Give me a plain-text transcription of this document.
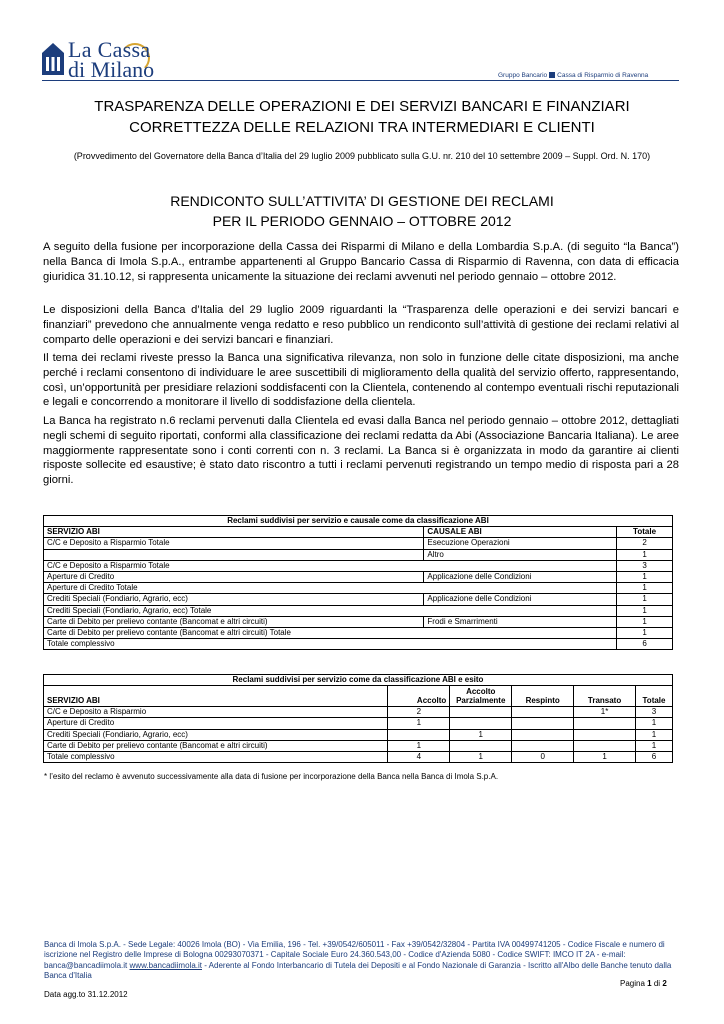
La Cassa
di Milano	Gruppo Bancario Cassa di Risparmio di Ravenna
TRASPARENZA DELLE OPERAZIONI E DEI SERVIZI BANCARI E FINANZIARI
CORRETTEZZA DELLE RELAZIONI TRA INTERMEDIARI E CLIENTI
(Provvedimento del Governatore della Banca d’Italia del 29 luglio 2009 pubblicato sulla G.U. nr. 210 del 10 settembre 2009 – Suppl. Ord. N. 170)
RENDICONTO SULL’ATTIVITA’ DI GESTIONE DEI RECLAMI
PER IL PERIODO GENNAIO – OTTOBRE 2012
A seguito della fusione per incorporazione della Cassa dei Risparmi di Milano e della Lombardia S.p.A. (di seguito “la Banca”) nella Banca di Imola S.p.A., entrambe appartenenti al Gruppo Bancario Cassa di Risparmio di Ravenna, con data di efficacia giuridica 31.10.12, si rappresenta unicamente la situazione dei reclami avvenuti nel periodo gennaio – ottobre 2012.
Le disposizioni della Banca d’Italia del 29 luglio 2009 riguardanti la “Trasparenza delle operazioni e dei servizi bancari e finanziari” prevedono che annualmente venga redatto e reso pubblico un rendiconto sull’attività di gestione dei reclami relativi al comparto delle operazioni e dei servizi bancari e finanziari.
Il tema dei reclami riveste presso la Banca una significativa rilevanza, non solo in funzione delle citate disposizioni, ma anche perché i reclami consentono di individuare le aree suscettibili di miglioramento della qualità del servizio offerto, rappresentando, così, un’opportunità per presidiare relazioni soddisfacenti con la Clientela, contenendo al contempo eventuali rischi reputazionali e legali e concorrendo a monitorare il livello di soddisfazione della clientela.
La Banca ha registrato n.6 reclami pervenuti dalla Clientela ed evasi dalla Banca nel periodo gennaio – ottobre 2012, dettagliati negli schemi di seguito riportati, conformi alla classificazione dei reclami redatta da Abi (Associazione Bancaria Italiana). Le aree maggiormente rappresentate sono i conti correnti con n. 3 reclami. La Banca si è organizzata in modo da garantire ai clienti risposte sollecite ed esaustive; è stato dato riscontro a tutti i reclami pervenuti registrando un tempo medio di risposta pari a 28 giorni.
Reclami suddivisi per servizio e causale come da classificazione ABI		
SERVIZIO ABI	CAUSALE ABI	Totale
C/C e Deposito a Risparmio Totale	Esecuzione Operazioni	2
	Altro	1
C/C e Deposito a Risparmio Totale		3
Aperture di Credito	Applicazione delle Condizioni	1
Aperture di Credito Totale		1
Crediti Speciali (Fondiario, Agrario, ecc)	Applicazione delle Condizioni	1
Crediti Speciali (Fondiario, Agrario, ecc) Totale		1
Carte di Debito per prelievo contante (Bancomat e altri circuiti)	Frodi e Smarrimenti	1
Carte di Debito per prelievo contante (Bancomat e altri circuiti) Totale		1
Totale complessivo		6
Reclami suddivisi per servizio come da classificazione ABI e esito					
SERVIZIO ABI	Accolto	Accolto Parzialmente	Respinto	Transato	Totale
C/C e Deposito a Risparmio	2			1*	3
Aperture di Credito	1				1
Crediti Speciali (Fondiario, Agrario, ecc)		1			1
Carte di Debito per prelievo contante (Bancomat e altri circuiti)	1				1
Totale complessivo	4	1	0	1	6
* l’esito del reclamo è avvenuto successivamente alla data di fusione per incorporazione della Banca nella Banca di Imola S.p.A.
Banca di Imola S.p.A. - Sede Legale: 40026 Imola (BO) - Via Emilia, 196 - Tel. +39/0542/605011 - Fax +39/0542/32804 - Partita IVA 00499741205 - Codice Fiscale e numero di iscrizione nel Registro delle Imprese di Bologna 00293070371 - Capitale Sociale Euro 24.360.543,00 - Codice d'Azienda 5080 - Codice SWIFT: IMCO IT 2A - e-mail: banca@bancadiimola.it www.bancadiimola.it - Aderente al Fondo Interbancario di Tutela dei Depositi e al Fondo Nazionale di Garanzia - Iscritto all'Albo delle Banche tenuto dalla Banca d'Italia
Pagina 1 di 2
Data agg.to 31.12.2012
